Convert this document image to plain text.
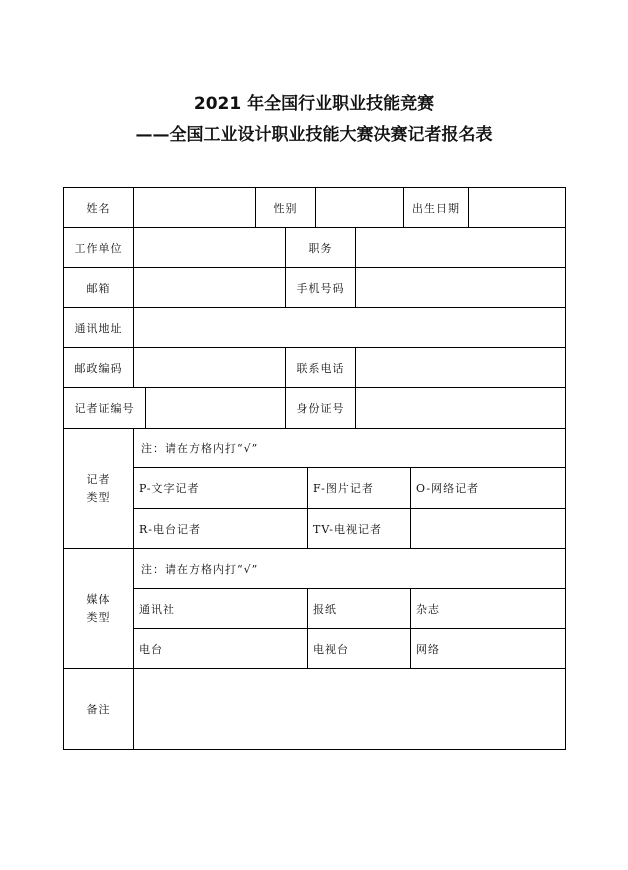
2021 年全国行业职业技能竞赛
——全国工业设计职业技能大赛决赛记者报名表
姓名	性别	出生日期
工作单位	职务
邮箱	手机号码
通讯地址
邮政编码	联系电话
记者证编号	身份证号
记者
类型
注：请在方格内打“√”
P-文字记者	F-图片记者	O-网络记者
R-电台记者	TV-电视记者
媒体
类型
注：请在方格内打“√”
通讯社	报纸	杂志
电台	电视台	网络
备注
